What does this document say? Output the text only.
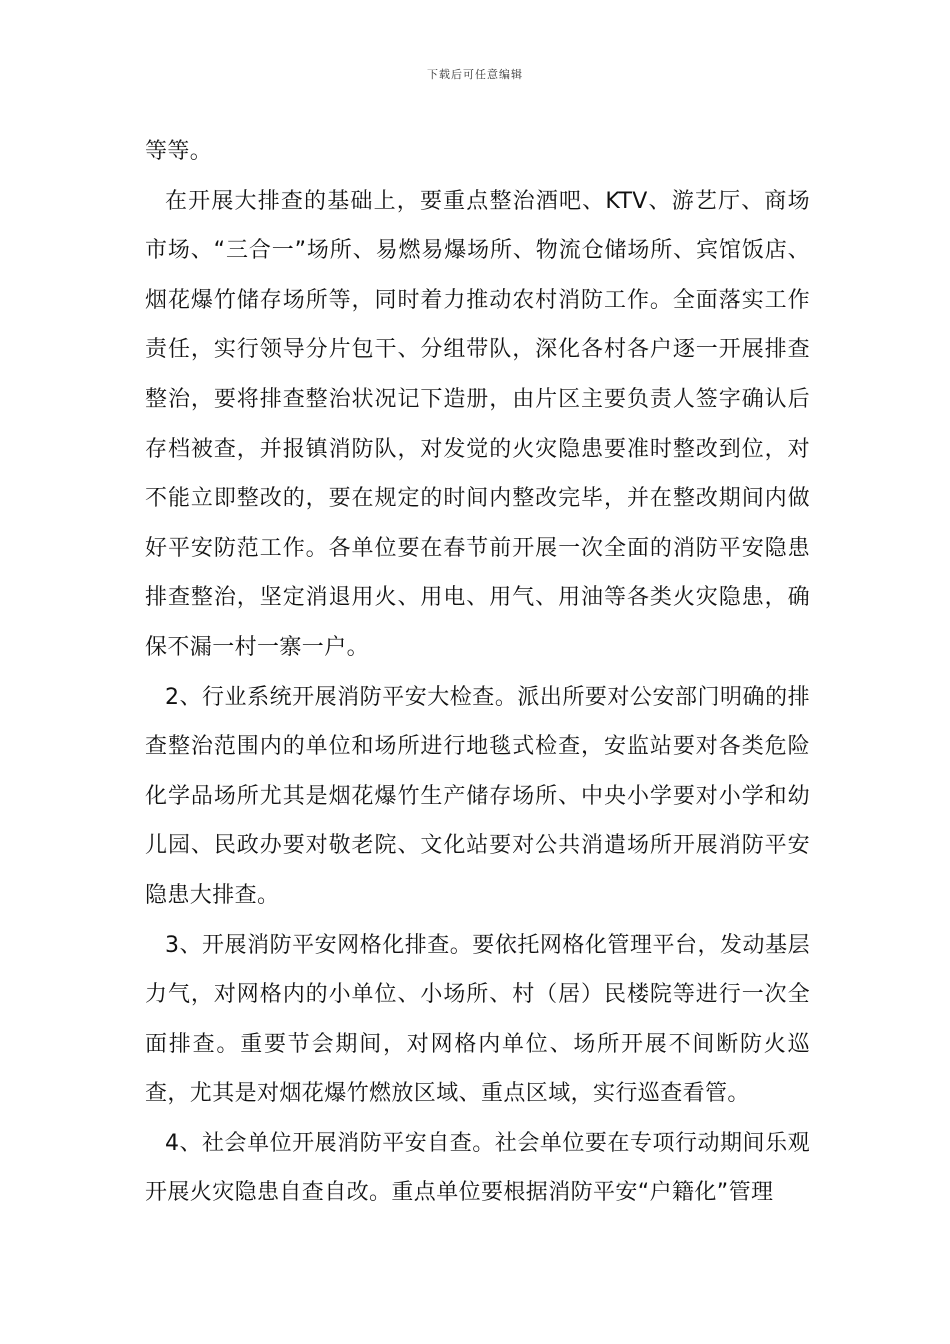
下载后可任意编辑

等等。

在开展大排查的基础上，要重点整治酒吧、KTV、游艺厅、商场市场、“三合一”场所、易燃易爆场所、物流仓储场所、宾馆饭店、烟花爆竹储存场所等，同时着力推动农村消防工作。全面落实工作责任，实行领导分片包干、分组带队，深化各村各户逐一开展排查整治，要将排查整治状况记下造册，由片区主要负责人签字确认后存档被查，并报镇消防队，对发觉的火灾隐患要准时整改到位，对不能立即整改的，要在规定的时间内整改完毕，并在整改期间内做好平安防范工作。各单位要在春节前开展一次全面的消防平安隐患排查整治，坚定消退用火、用电、用气、用油等各类火灾隐患，确保不漏一村一寨一户。

2、行业系统开展消防平安大检查。派出所要对公安部门明确的排查整治范围内的单位和场所进行地毯式检查，安监站要对各类危险化学品场所尤其是烟花爆竹生产储存场所、中央小学要对小学和幼儿园、民政办要对敬老院、文化站要对公共消遣场所开展消防平安隐患大排查。

3、开展消防平安网格化排查。要依托网格化管理平台，发动基层力气，对网格内的小单位、小场所、村（居）民楼院等进行一次全面排查。重要节会期间，对网格内单位、场所开展不间断防火巡查，尤其是对烟花爆竹燃放区域、重点区域，实行巡查看管。

4、社会单位开展消防平安自查。社会单位要在专项行动期间乐观开展火灾隐患自查自改。重点单位要根据消防平安“户籍化”管理
